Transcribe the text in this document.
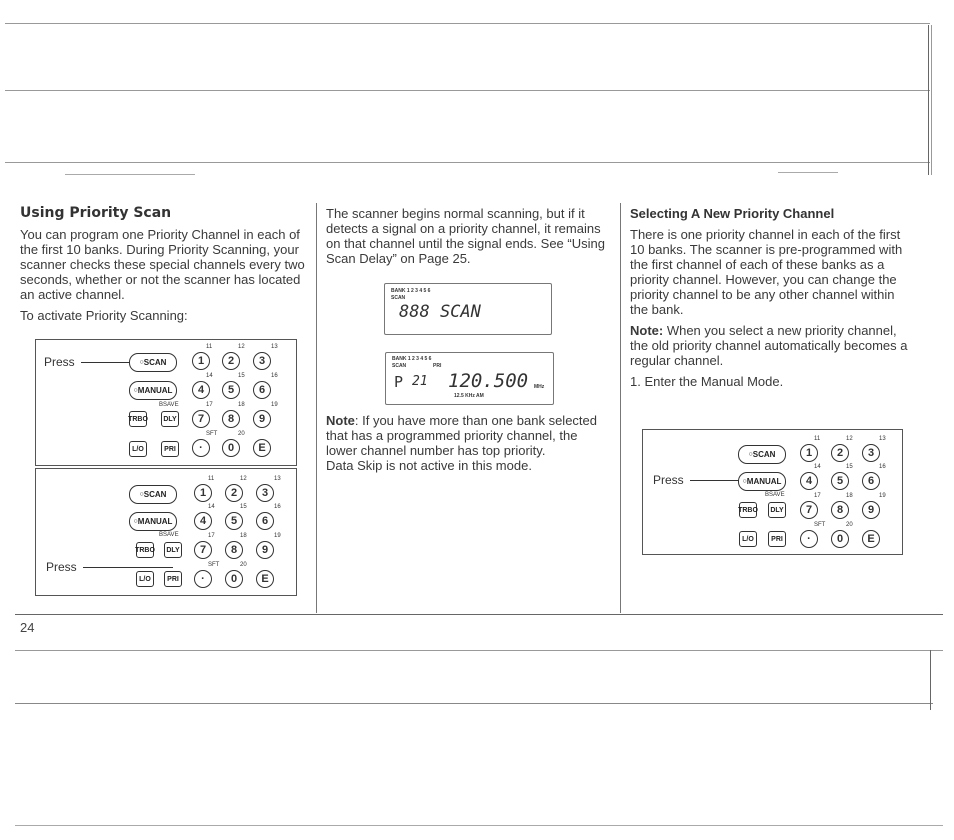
Using Priority Scan

You can program one Priority Channel in each of the first 10 banks. During Priority Scanning, your scanner checks these special channels every two seconds, whether or not the scanner has located an active channel.

To activate Priority Scanning:

Press	○ SCAN
○ MANUAL
TRBO	DLY
BSAVE
L/O	PRI
1	2	3
11	12	13
4	5	6
14	15	16
7	8	9
17	18	19
·	0	E
SFT	20
Press
○ SCAN
○ MANUAL
BSAVE
TRBO	DLY
L/O	PRI
1	2	3
11	12	13
4	5	6
14	15	16
7	8	9
17	18	19
·	0	E
SFT	20

The scanner begins normal scanning, but if it detects a signal on a priority channel, it remains on that channel until the signal ends. See “Using Scan Delay” on Page 25.

BANK 1 2 3 4 5 6
SCAN
888 SCAN
BANK 1 2 3 4 5 6
SCAN	PRI
P 21 120.500 MHz
12.5 KHz AM

Note: If you have more than one bank selected that has a programmed priority channel, the lower channel number has top priority.

Data Skip is not active in this mode.

Selecting A New Priority Channel

There is one priority channel in each of the first 10 banks. The scanner is pre-programmed with the first channel of each of these banks as a priority channel. However, you can change the priority channel to be any other channel within the bank.

Note: When you select a new priority channel, the old priority channel automatically becomes a regular channel.

1. Enter the Manual Mode.

Press
○ SCAN
○ MANUAL
BSAVE
TRBO	DLY
L/O	PRI
1	2	3
11	12	13
4	5	6
14	15	16
7	8	9
17	18	19
·	0	E
SFT	20
24
